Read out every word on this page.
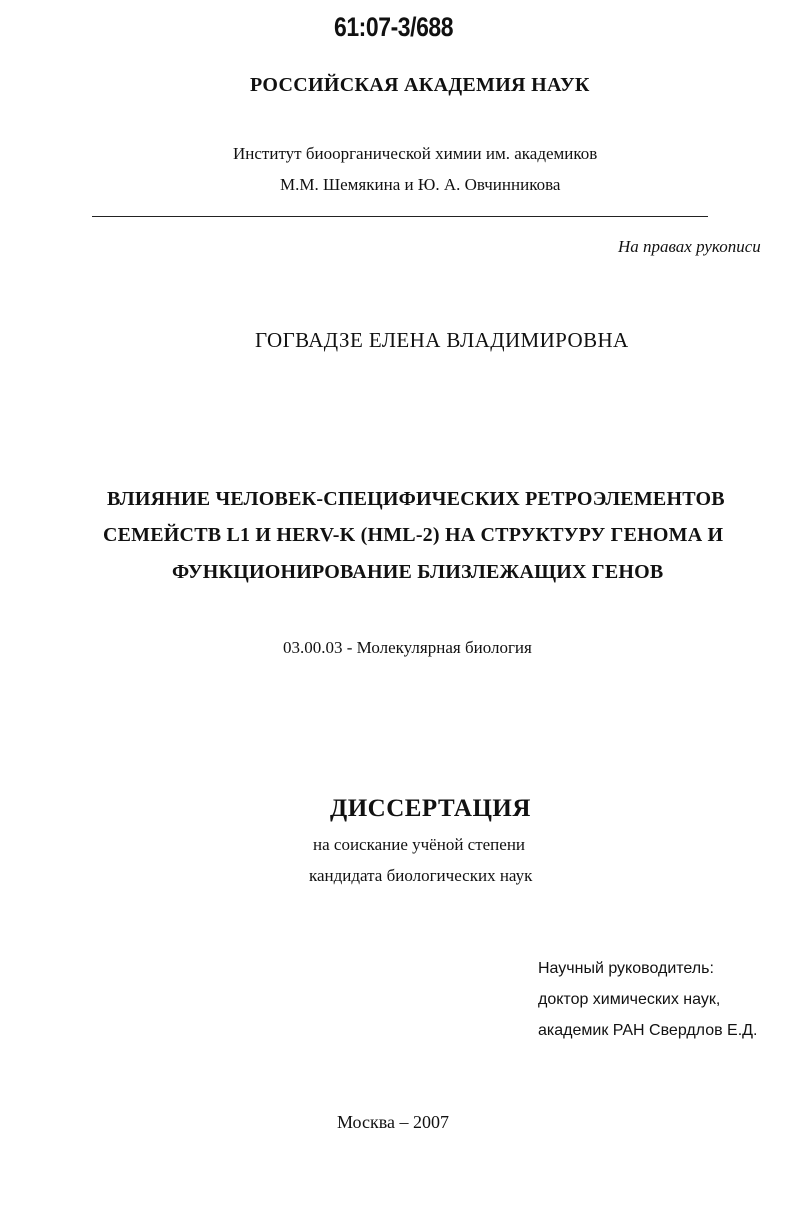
61:07-3/688
РОССИЙСКАЯ АКАДЕМИЯ НАУК
Институт биоорганической химии им. академиков
М.М. Шемякина и Ю. А. Овчинникова
На правах рукописи
ГОГВАДЗЕ ЕЛЕНА ВЛАДИМИРОВНА
ВЛИЯНИЕ ЧЕЛОВЕК-СПЕЦИФИЧЕСКИХ РЕТРОЭЛЕМЕНТОВ
СЕМЕЙСТВ L1 И HERV-K (HML-2) НА СТРУКТУРУ ГЕНОМА И
ФУНКЦИОНИРОВАНИЕ БЛИЗЛЕЖАЩИХ ГЕНОВ
03.00.03 - Молекулярная биология
ДИССЕРТАЦИЯ
на соискание учёной степени
кандидата биологических наук
Научный руководитель:
доктор химических наук,
академик РАН Свердлов Е.Д.
Москва – 2007
